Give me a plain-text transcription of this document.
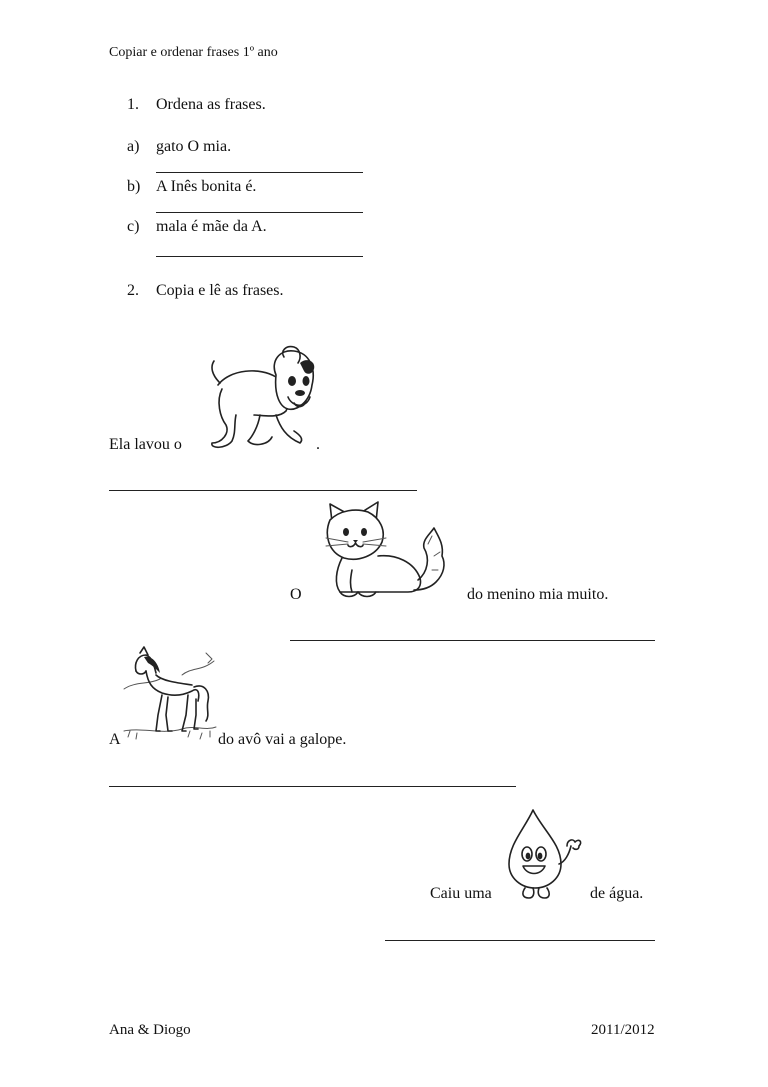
Copiar e ordenar frases 1º ano
1. Ordena as frases.
a) gato O mia.
b) A Inês bonita é.
c) mala é mãe da A.
2. Copia e lê as frases.
Ela lavou o	.
O	do menino mia muito.
A	do avô vai a galope.
Caiu uma	de água.
Ana & Diogo	2011/2012
